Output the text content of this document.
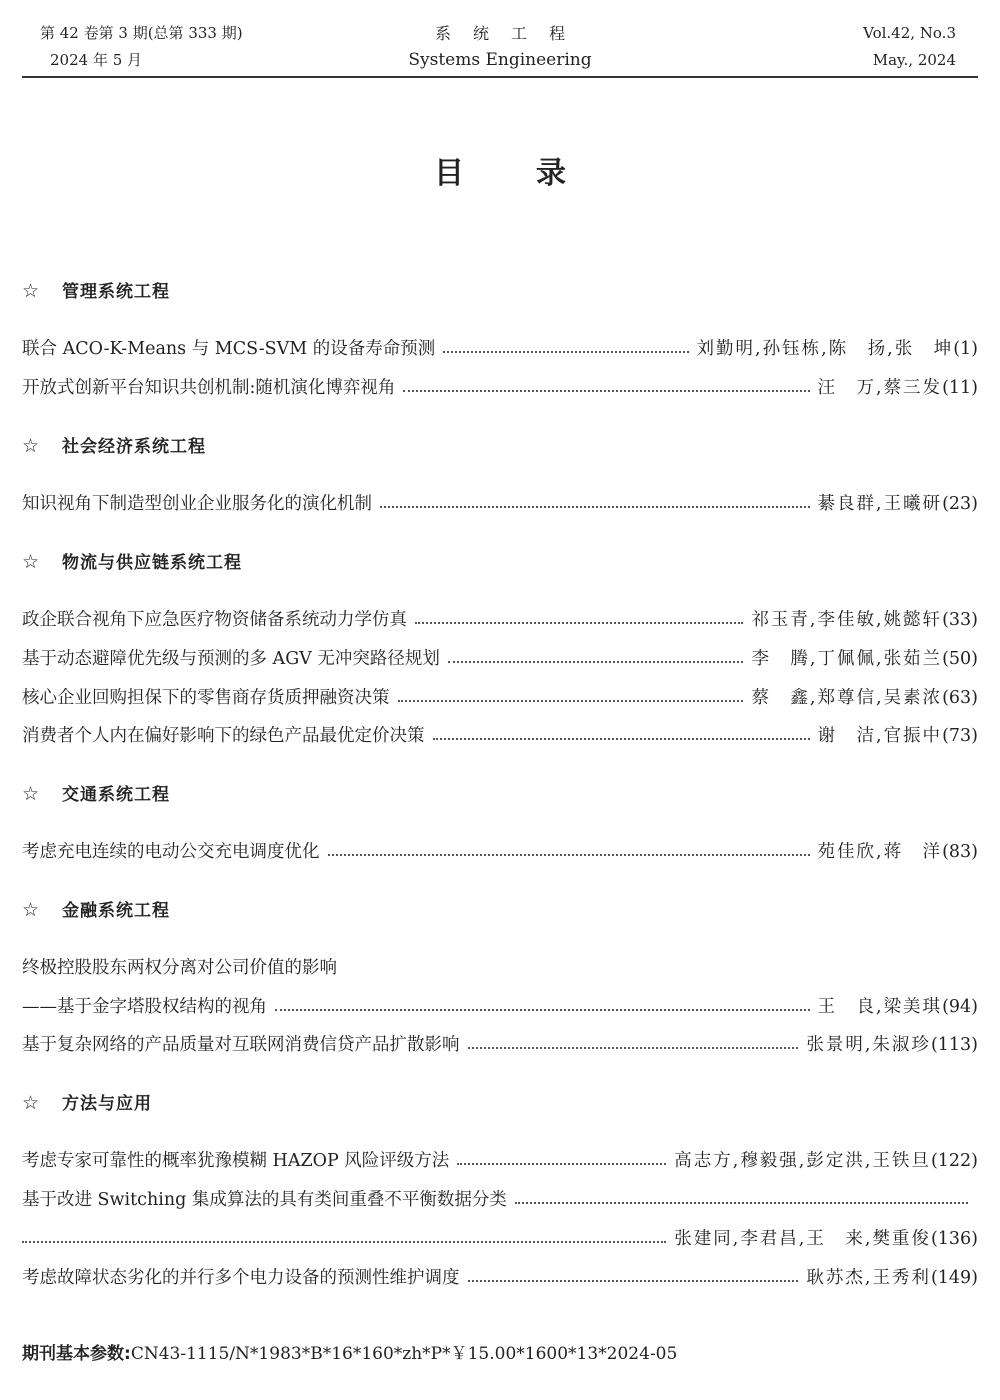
第 42 卷第 3 期(总第 333 期)
2024 年 5 月
系统工程
Systems Engineering
Vol.42, No.3
May., 2024
目录
☆ 管理系统工程
联合 ACO-K-Means 与 MCS-SVM 的设备寿命预测	刘勤明,孙钰栋,陈　扬,张　坤(1)
开放式创新平台知识共创机制:随机演化博弈视角	汪　万,蔡三发(11)
☆ 社会经济系统工程
知识视角下制造型创业企业服务化的演化机制	綦良群,王曦研(23)
☆ 物流与供应链系统工程
政企联合视角下应急医疗物资储备系统动力学仿真	祁玉青,李佳敏,姚懿轩(33)
基于动态避障优先级与预测的多 AGV 无冲突路径规划	李　腾,丁佩佩,张茹兰(50)
核心企业回购担保下的零售商存货质押融资决策	蔡　鑫,郑尊信,吴素浓(63)
消费者个人内在偏好影响下的绿色产品最优定价决策	谢　洁,官振中(73)
☆ 交通系统工程
考虑充电连续的电动公交充电调度优化	苑佳欣,蒋　洋(83)
☆ 金融系统工程
终极控股股东两权分离对公司价值的影响
——基于金字塔股权结构的视角	王　良,梁美琪(94)
基于复杂网络的产品质量对互联网消费信贷产品扩散影响	张景明,朱淑珍(113)
☆ 方法与应用
考虑专家可靠性的概率犹豫模糊 HAZOP 风险评级方法	高志方,穆毅强,彭定洪,王铁旦(122)
基于改进 Switching 集成算法的具有类间重叠不平衡数据分类
张建同,李君昌,王　来,樊重俊(136)
考虑故障状态劣化的并行多个电力设备的预测性维护调度	耿苏杰,王秀利(149)
期刊基本参数:CN43-1115/N*1983*B*16*160*zh*P*￥15.00*1600*13*2024-05
